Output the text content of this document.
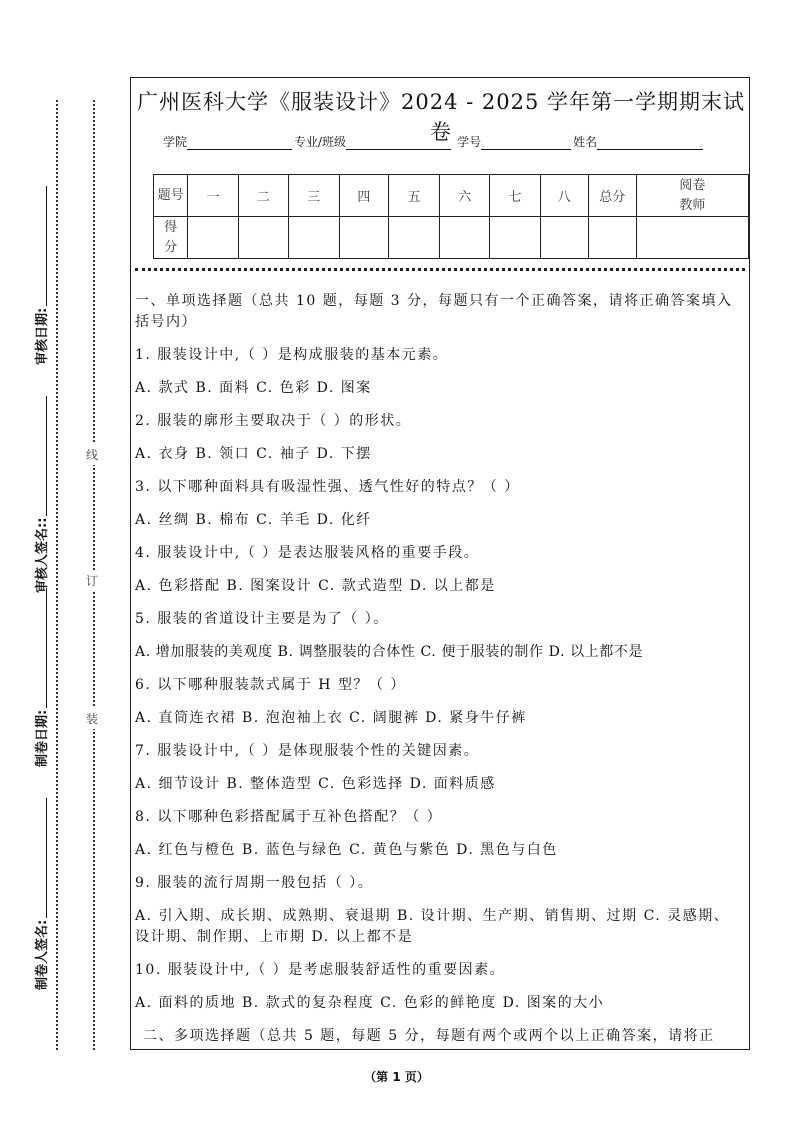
线
订
装
审核日期:
审核人签名::
制卷日期:
制卷人签名:
广州医科大学《服装设计》2024 - 2025 学年第一学期期末试卷
学院	专业/班级	学号	姓名
题号	一	二	三	四	五	六	七	八	总分	阅卷教师
得分										

一、单项选择题（总共 10 题，每题 3 分，每题只有一个正确答案，请将正确答案填入括号内）

1. 服装设计中,（ ）是构成服装的基本元素。

A. 款式 B. 面料 C. 色彩 D. 图案

2. 服装的廓形主要取决于（ ）的形状。

A. 衣身 B. 领口 C. 袖子 D. 下摆

3. 以下哪种面料具有吸湿性强、透气性好的特点？（ ）

A. 丝绸 B. 棉布 C. 羊毛 D. 化纤

4. 服装设计中,（ ）是表达服装风格的重要手段。

A. 色彩搭配 B. 图案设计 C. 款式造型 D. 以上都是

5. 服装的省道设计主要是为了（ ）。

A. 增加服装的美观度 B. 调整服装的合体性 C. 便于服装的制作 D. 以上都不是

6. 以下哪种服装款式属于 H 型？（ ）

A. 直筒连衣裙 B. 泡泡袖上衣 C. 阔腿裤 D. 紧身牛仔裤

7. 服装设计中,（ ）是体现服装个性的关键因素。

A. 细节设计 B. 整体造型 C. 色彩选择 D. 面料质感

8. 以下哪种色彩搭配属于互补色搭配？（ ）

A. 红色与橙色 B. 蓝色与绿色 C. 黄色与紫色 D. 黑色与白色

9. 服装的流行周期一般包括（ ）。

A. 引入期、成长期、成熟期、衰退期 B. 设计期、生产期、销售期、过期 C. 灵感期、设计期、制作期、上市期 D. 以上都不是

10. 服装设计中,（ ）是考虑服装舒适性的重要因素。

A. 面料的质地 B. 款式的复杂程度 C. 色彩的鲜艳度 D. 图案的大小

二、多项选择题（总共 5 题，每题 5 分，每题有两个或两个以上正确答案，请将正

（第 1 页）
